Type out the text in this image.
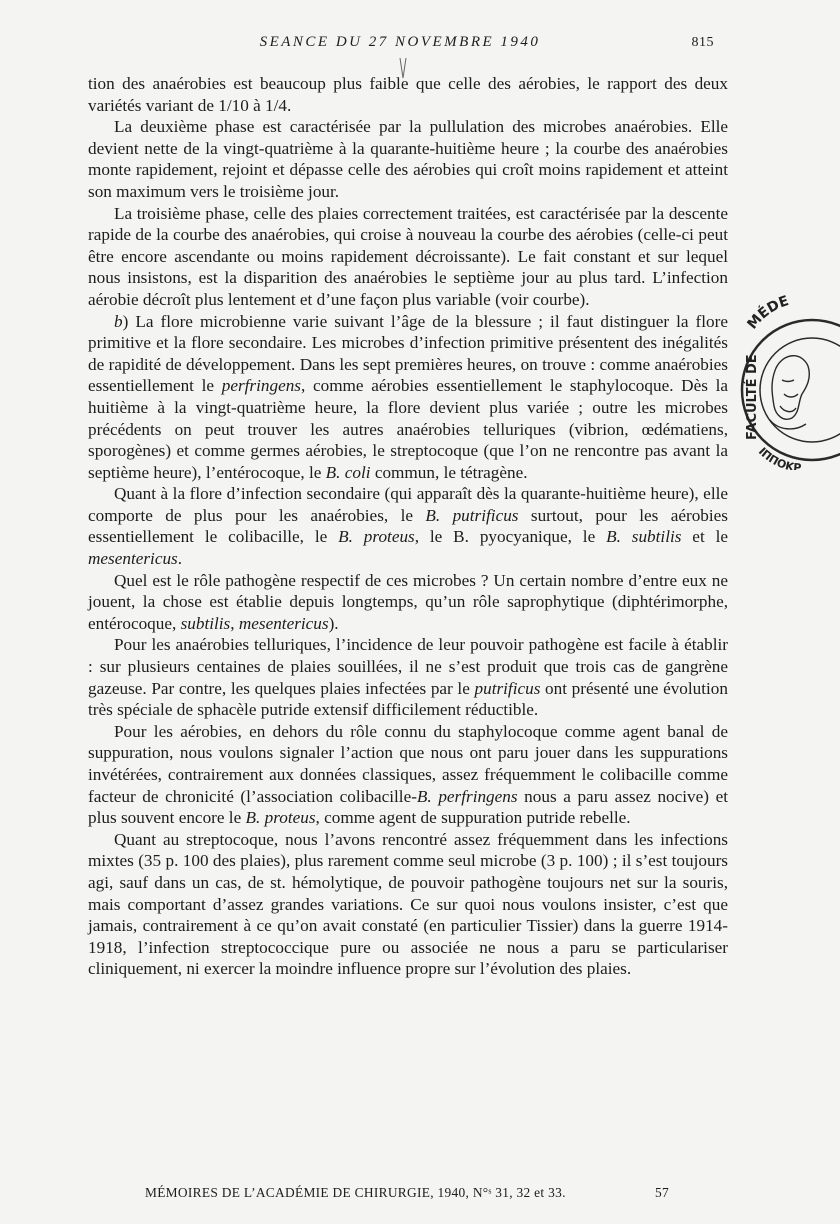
SEANCE DU 27 NOVEMBRE 1940	815

tion des anaérobies est beaucoup plus faible que celle des aérobies, le rapport des deux variétés variant de 1/10 à 1/4.

La deuxième phase est caractérisée par la pullulation des microbes anaérobies. Elle devient nette de la vingt-quatrième à la quarante-huitième heure ; la courbe des anaérobies monte rapidement, rejoint et dépasse celle des aérobies qui croît moins rapidement et atteint son maximum vers le troisième jour.

La troisième phase, celle des plaies correctement traitées, est caractérisée par la descente rapide de la courbe des anaérobies, qui croise à nouveau la courbe des aérobies (celle-ci peut être encore ascendante ou moins rapidement décroissante). Le fait constant et sur lequel nous insistons, est la disparition des anaérobies le septième jour au plus tard. L’infection aérobie décroît plus lentement et d’une façon plus variable (voir courbe).

b) La flore microbienne varie suivant l’âge de la blessure ; il faut distinguer la flore primitive et la flore secondaire. Les microbes d’infection primitive présentent des inégalités de rapidité de développement. Dans les sept premières heures, on trouve : comme anaérobies essentiellement le perfringens, comme aérobies essentiellement le staphylocoque. Dès la huitième à la vingt-quatrième heure, la flore devient plus variée ; outre les microbes précédents on peut trouver les autres anaérobies telluriques (vibrion, œdématiens, sporogènes) et comme germes aérobies, le streptocoque (que l’on ne rencontre pas avant la septième heure), l’entérocoque, le B. coli commun, le tétragène.

Quant à la flore d’infection secondaire (qui apparaît dès la quarante-huitième heure), elle comporte de plus pour les anaérobies, le B. putrificus surtout, pour les aérobies essentiellement le colibacille, le B. proteus, le B. pyocyanique, le B. subtilis et le mesentericus.

Quel est le rôle pathogène respectif de ces microbes ? Un certain nombre d’entre eux ne jouent, la chose est établie depuis longtemps, qu’un rôle saprophytique (diphtérimorphe, entérocoque, subtilis, mesentericus).

Pour les anaérobies telluriques, l’incidence de leur pouvoir pathogène est facile à établir : sur plusieurs centaines de plaies souillées, il ne s’est produit que trois cas de gangrène gazeuse. Par contre, les quelques plaies infectées par le putrificus ont présenté une évolution très spéciale de sphacèle putride extensif difficilement réductible.

Pour les aérobies, en dehors du rôle connu du staphylocoque comme agent banal de suppuration, nous voulons signaler l’action que nous ont paru jouer dans les suppurations invétérées, contrairement aux données classiques, assez fréquemment le colibacille comme facteur de chronicité (l’association colibacille-B. perfringens nous a paru assez nocive) et plus souvent encore le B. proteus, comme agent de suppuration putride rebelle.

Quant au streptocoque, nous l’avons rencontré assez fréquemment dans les infections mixtes (35 p. 100 des plaies), plus rarement comme seul microbe (3 p. 100) ; il s’est toujours agi, sauf dans un cas, de st. hémolytique, de pouvoir pathogène toujours net sur la souris, mais comportant d’assez grandes variations. Ce sur quoi nous voulons insister, c’est que jamais, contrairement à ce qu’on avait constaté (en particulier Tissier) dans la guerre 1914-1918, l’infection streptococcique pure ou associée ne nous a paru se particulariser cliniquement, ni exercer la moindre influence propre sur l’évolution des plaies.

MÉDE
FACULTÉ DE
ΙΠΠΟΚΡ
MÉMOIRES DE L’ACADÉMIE DE CHIRURGIE, 1940, N°ˢ 31, 32 et 33.	57
